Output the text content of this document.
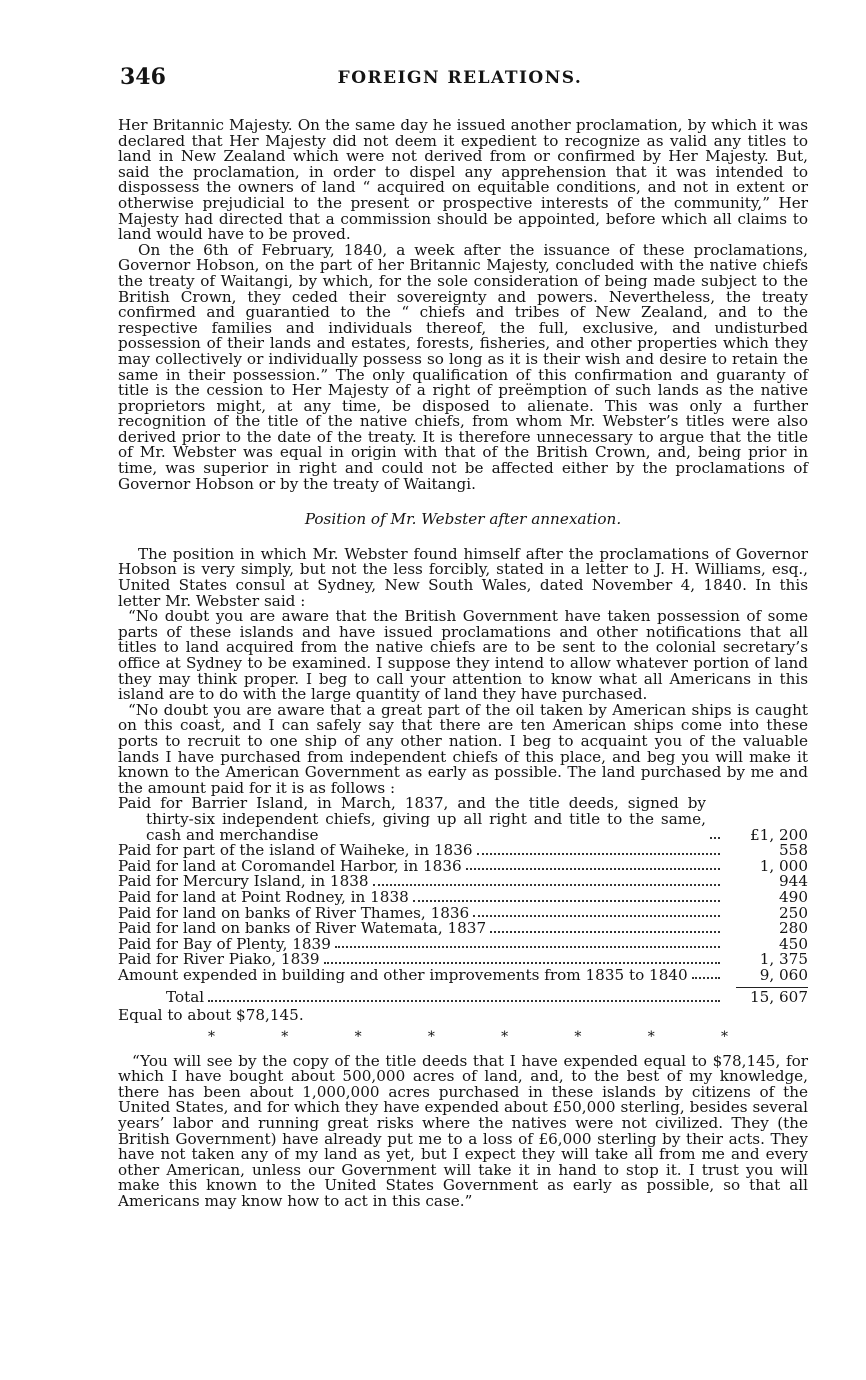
346	FOREIGN RELATIONS.

Her Britannic Majesty. On the same day he issued another proclamation, by which it was declared that Her Majesty did not deem it expedient to recognize as valid any titles to land in New Zealand which were not derived from or confirmed by Her Majesty. But, said the proclamation, in order to dispel any apprehension that it was intended to dispossess the owners of land “ acquired on equitable conditions, and not in extent or otherwise prejudicial to the present or prospective interests of the community,” Her Majesty had directed that a commission should be appointed, before which all claims to land would have to be proved.

On the 6th of February, 1840, a week after the issuance of these proclamations, Governor Hobson, on the part of her Britannic Majesty, concluded with the native chiefs the treaty of Waitangi, by which, for the sole consideration of being made subject to the British Crown, they ceded their sovereignty and powers. Nevertheless, the treaty confirmed and guarantied to the “ chiefs and tribes of New Zealand, and to the respective families and individuals thereof, the full, exclusive, and undisturbed possession of their lands and estates, forests, fisheries, and other properties which they may collectively or individually possess so long as it is their wish and desire to retain the same in their possession.” The only qualification of this confirmation and guaranty of title is the cession to Her Majesty of a right of preëmption of such lands as the native proprietors might, at any time, be disposed to alienate. This was only a further recognition of the title of the native chiefs, from whom Mr. Webster’s titles were also derived prior to the date of the treaty. It is therefore unnecessary to argue that the title of Mr. Webster was equal in origin with that of the British Crown, and, being prior in time, was superior in right and could not be affected either by the proclamations of Governor Hobson or by the treaty of Waitangi.

Position of Mr. Webster after annexation.

The position in which Mr. Webster found himself after the proclamations of Governor Hobson is very simply, but not the less forcibly, stated in a letter to J. H. Williams, esq., United States consul at Sydney, New South Wales, dated November 4, 1840. In this letter Mr. Webster said :

“No doubt you are aware that the British Government have taken possession of some parts of these islands and have issued proclamations and other notifications that all titles to land acquired from the native chiefs are to be sent to the colonial secretary’s office at Sydney to be examined. I suppose they intend to allow whatever portion of land they may think proper. I beg to call your attention to know what all Americans in this island are to do with the large quantity of land they have purchased.

“No doubt you are aware that a great part of the oil taken by American ships is caught on this coast, and I can safely say that there are ten American ships come into these ports to recruit to one ship of any other nation. I beg to acquaint you of the valuable lands I have purchased from independent chiefs of this place, and beg you will make it known to the American Government as early as possible. The land purchased by me and the amount paid for it is as follows :

Paid for Barrier Island, in March, 1837, and the title deeds, signed by thirty-six independent chiefs, giving up all right and title to the same, cash and merchandise	£1, 200
Paid for part of the island of Waiheke, in 1836	558
Paid for land at Coromandel Harbor, in 1836	1, 000
Paid for Mercury Island, in 1838	944
Paid for land at Point Rodney, in 1838	490
Paid for land on banks of River Thames, 1836	250
Paid for land on banks of River Watemata, 1837	280
Paid for Bay of Plenty, 1839	450
Paid for River Piako, 1839	1, 375
Amount expended in building and other improvements from 1835 to 1840	9, 060
Total	15, 607

Equal to about $78,145.

*	*	*	*	*	*	*	*

“You will see by the copy of the title deeds that I have expended equal to $78,145, for which I have bought about 500,000 acres of land, and, to the best of my knowledge, there has been about 1,000,000 acres purchased in these islands by citizens of the United States, and for which they have expended about £50,000 sterling, besides several years’ labor and running great risks where the natives were not civilized. They (the British Government) have already put me to a loss of £6,000 sterling by their acts. They have not taken any of my land as yet, but I expect they will take all from me and every other American, unless our Government will take it in hand to stop it. I trust you will make this known to the United States Government as early as possible, so that all Americans may know how to act in this case.”
